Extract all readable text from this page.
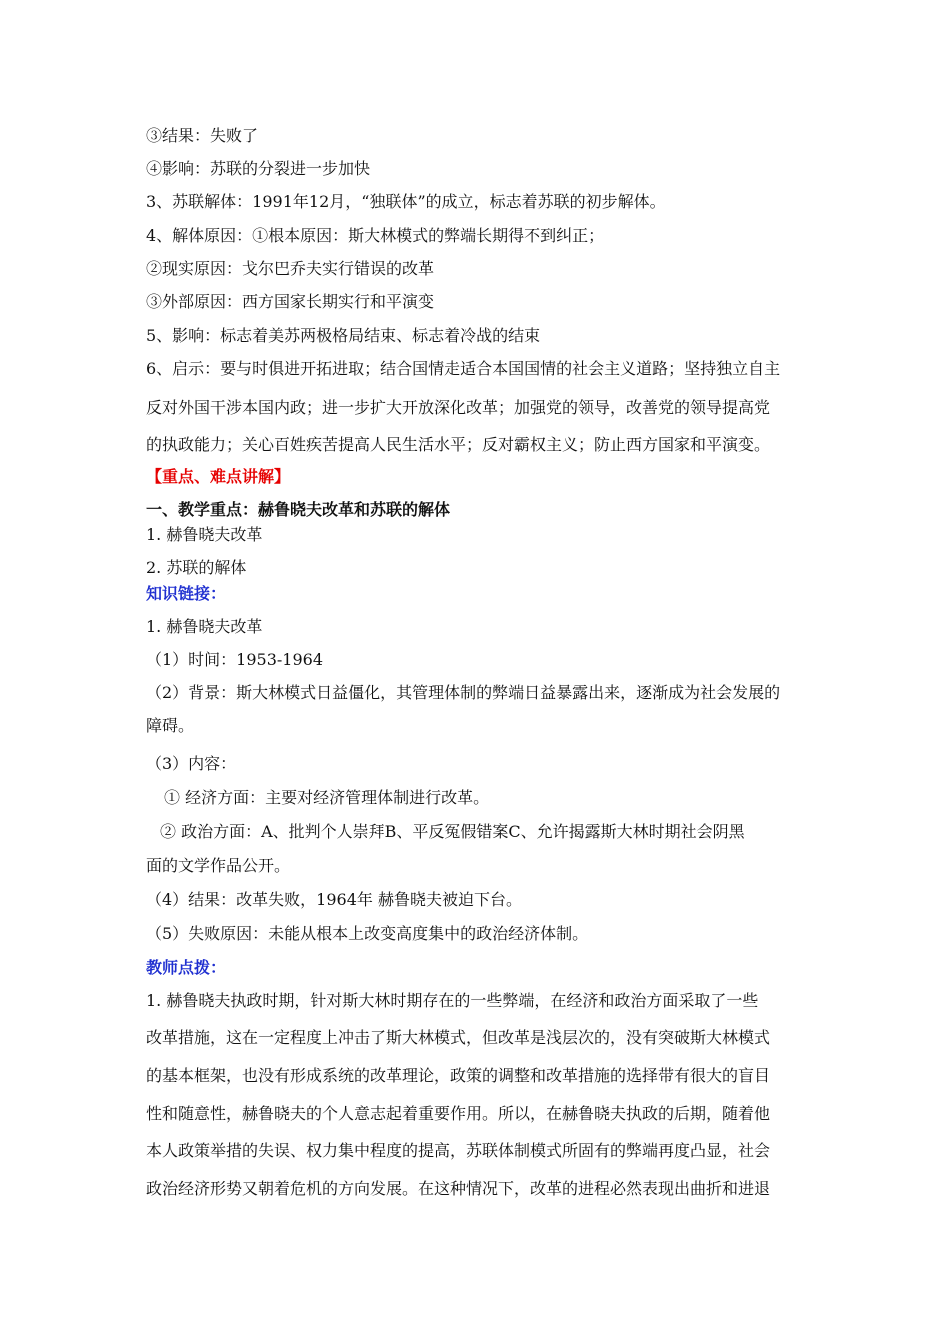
③结果：失败了
④影响：苏联的分裂进一步加快
3、苏联解体：1991年12月，“独联体”的成立，标志着苏联的初步解体。
4、解体原因：①根本原因：斯大林模式的弊端长期得不到纠正；
②现实原因：戈尔巴乔夫实行错误的改革
③外部原因：西方国家长期实行和平演变
5、影响：标志着美苏两极格局结束、标志着冷战的结束
6、启示：要与时俱进开拓进取；结合国情走适合本国国情的社会主义道路；坚持独立自主
反对外国干涉本国内政；进一步扩大开放深化改革；加强党的领导，改善党的领导提高党
的执政能力；关心百姓疾苦提高人民生活水平；反对霸权主义；防止西方国家和平演变。
【重点、难点讲解】
一、教学重点：赫鲁晓夫改革和苏联的解体
1. 赫鲁晓夫改革
2. 苏联的解体
知识链接：
1. 赫鲁晓夫改革
（1）时间：1953-1964
（2）背景：斯大林模式日益僵化，其管理体制的弊端日益暴露出来，逐渐成为社会发展的
障碍。
（3）内容：
① 经济方面：主要对经济管理体制进行改革。
② 政治方面：A、批判个人崇拜B、平反冤假错案C、允许揭露斯大林时期社会阴黑
面的文学作品公开。
（4）结果：改革失败，1964年 赫鲁晓夫被迫下台。
（5）失败原因：未能从根本上改变高度集中的政治经济体制。
教师点拨：
1. 赫鲁晓夫执政时期，针对斯大林时期存在的一些弊端，在经济和政治方面采取了一些
改革措施，这在一定程度上冲击了斯大林模式，但改革是浅层次的，没有突破斯大林模式
的基本框架，也没有形成系统的改革理论，政策的调整和改革措施的选择带有很大的盲目
性和随意性，赫鲁晓夫的个人意志起着重要作用。所以，在赫鲁晓夫执政的后期，随着他
本人政策举措的失误、权力集中程度的提高，苏联体制模式所固有的弊端再度凸显，社会
政治经济形势又朝着危机的方向发展。在这种情况下，改革的进程必然表现出曲折和进退
